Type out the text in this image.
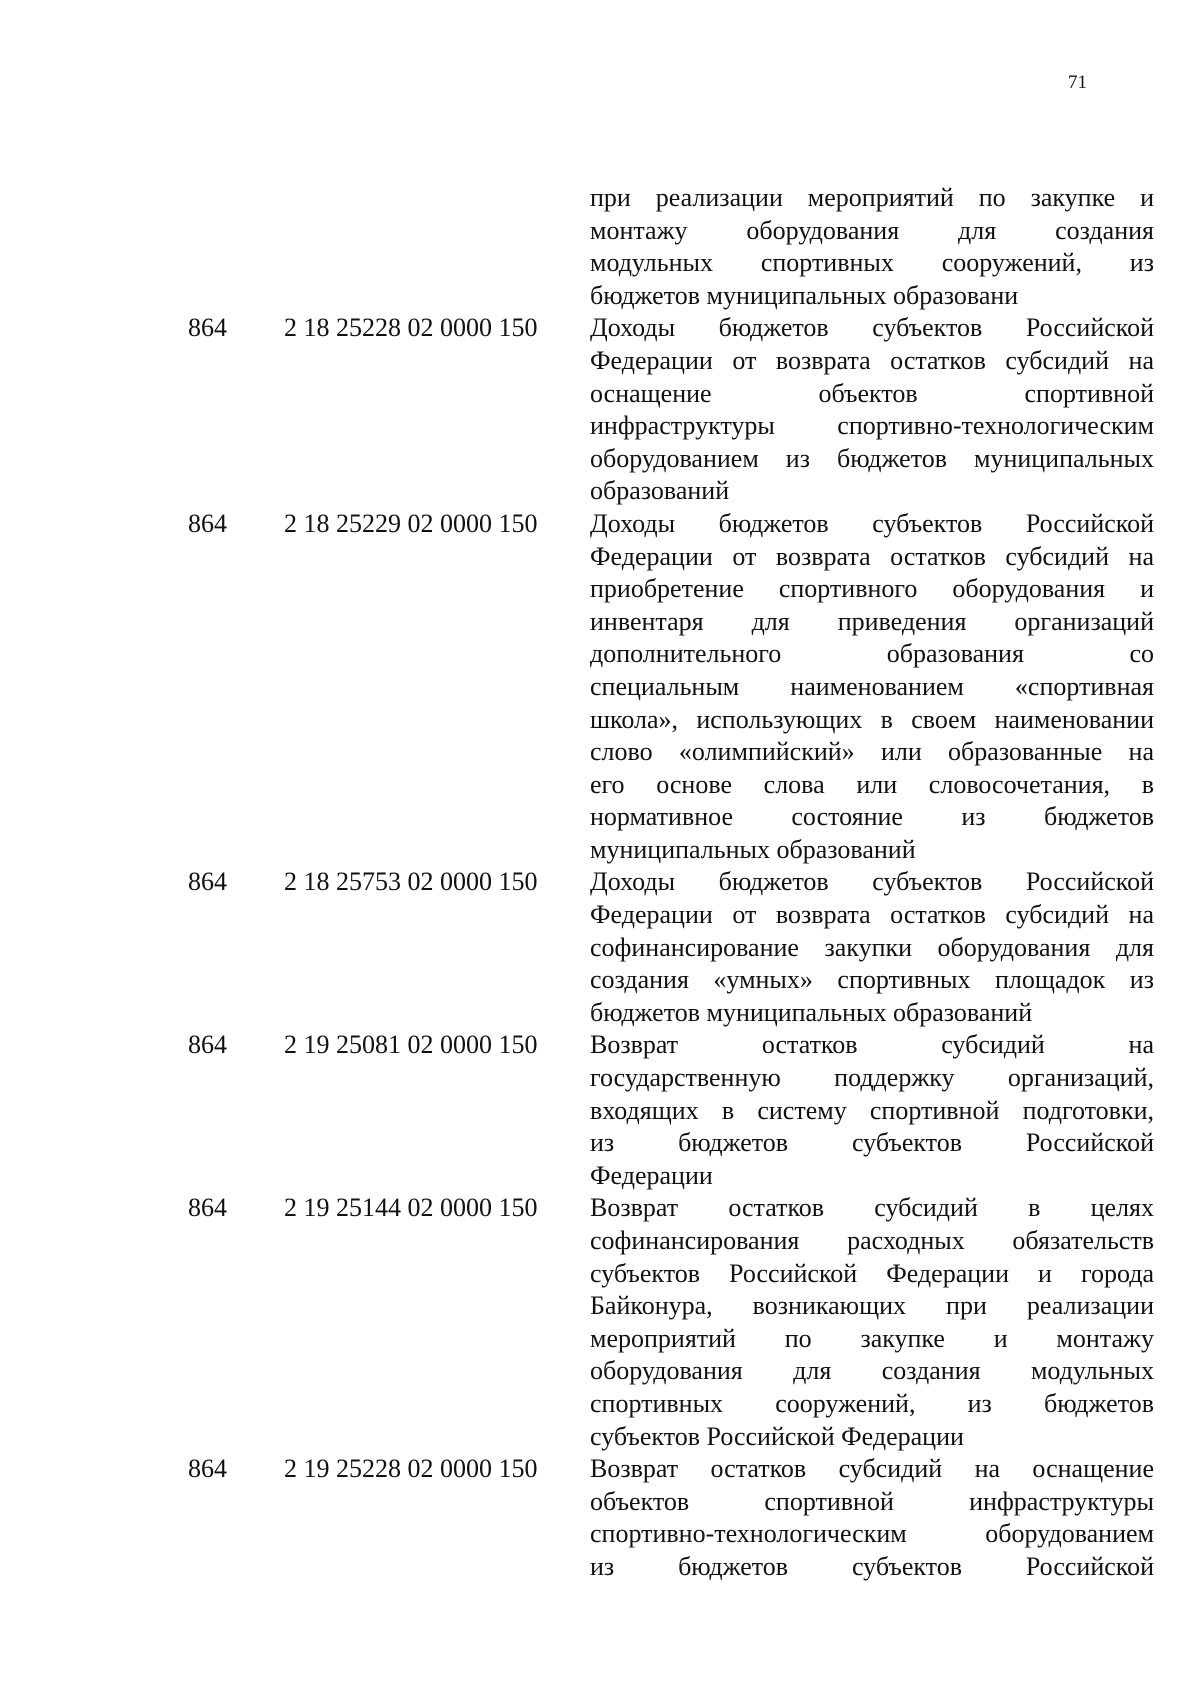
71
при реализации мероприятий по закупке и
монтажу оборудования для создания
модульных спортивных сооружений, из
бюджетов муниципальных образовани
864 2 18 25228 02 0000 150 Доходы бюджетов субъектов Российской
Федерации от возврата остатков субсидий на
оснащение объектов спортивной
инфраструктуры спортивно-технологическим
оборудованием из бюджетов муниципальных
образований
864 2 18 25229 02 0000 150 Доходы бюджетов субъектов Российской
Федерации от возврата остатков субсидий на
приобретение спортивного оборудования и
инвентаря для приведения организаций
дополнительного образования со
специальным наименованием «спортивная
школа», использующих в своем наименовании
слово «олимпийский» или образованные на
его основе слова или словосочетания, в
нормативное состояние из бюджетов
муниципальных образований
864 2 18 25753 02 0000 150 Доходы бюджетов субъектов Российской
Федерации от возврата остатков субсидий на
софинансирование закупки оборудования для
создания «умных» спортивных площадок из
бюджетов муниципальных образований
864 2 19 25081 02 0000 150 Возврат остатков субсидий на
государственную поддержку организаций,
входящих в систему спортивной подготовки,
из бюджетов субъектов Российской
Федерации
864 2 19 25144 02 0000 150 Возврат остатков субсидий в целях
софинансирования расходных обязательств
субъектов Российской Федерации и города
Байконура, возникающих при реализации
мероприятий по закупке и монтажу
оборудования для создания модульных
спортивных сооружений, из бюджетов
субъектов Российской Федерации
864 2 19 25228 02 0000 150 Возврат остатков субсидий на оснащение
объектов спортивной инфраструктуры
спортивно-технологическим оборудованием
из бюджетов субъектов Российской
